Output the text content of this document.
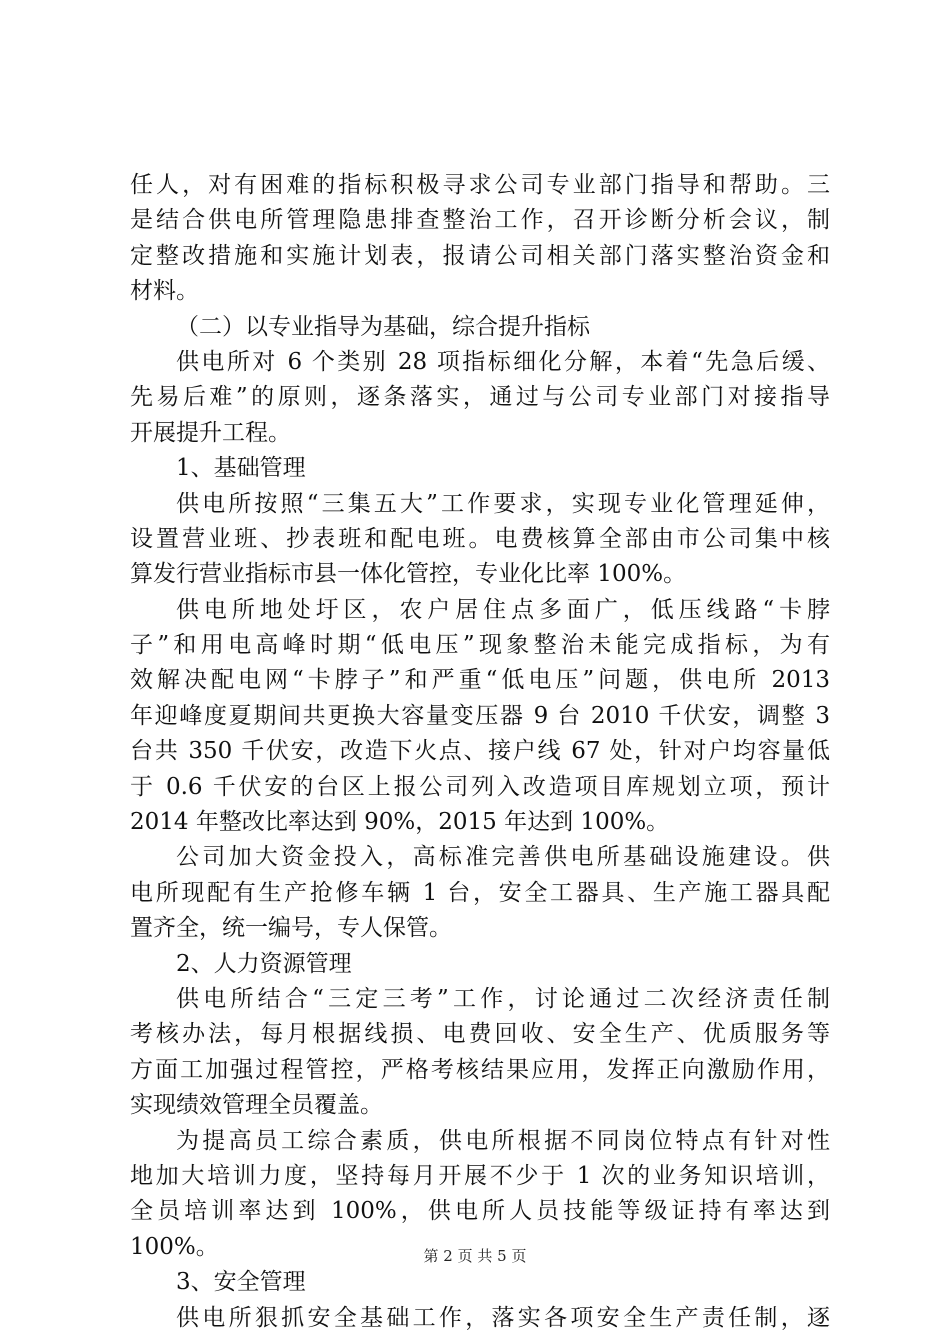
任人，对有困难的指标积极寻求公司专业部门指导和帮助。三
是结合供电所管理隐患排查整治工作，召开诊断分析会议，制
定整改措施和实施计划表，报请公司相关部门落实整治资金和
材料。
（二）以专业指导为基础，综合提升指标
供电所对 6 个类别 28 项指标细化分解，本着“先急后缓、
先易后难”的原则，逐条落实，通过与公司专业部门对接指导
开展提升工程。
1、基础管理
供电所按照“三集五大”工作要求，实现专业化管理延伸，
设置营业班、抄表班和配电班。电费核算全部由市公司集中核
算发行营业指标市县一体化管控，专业化比率 100%。
供电所地处圩区，农户居住点多面广，低压线路“卡脖
子”和用电高峰时期“低电压”现象整治未能完成指标，为有
效解决配电网“卡脖子”和严重“低电压”问题，供电所 2013
年迎峰度夏期间共更换大容量变压器 9 台 2010 千伏安，调整 3
台共 350 千伏安，改造下火点、接户线 67 处，针对户均容量低
于 0.6 千伏安的台区上报公司列入改造项目库规划立项，预计
2014 年整改比率达到 90%，2015 年达到 100%。
公司加大资金投入，高标准完善供电所基础设施建设。供
电所现配有生产抢修车辆 1 台，安全工器具、生产施工器具配
置齐全，统一编号，专人保管。
2、人力资源管理
供电所结合“三定三考”工作，讨论通过二次经济责任制
考核办法，每月根据线损、电费回收、安全生产、优质服务等
方面工加强过程管控，严格考核结果应用，发挥正向激励作用，
实现绩效管理全员覆盖。
为提高员工综合素质，供电所根据不同岗位特点有针对性
地加大培训力度，坚持每月开展不少于 1 次的业务知识培训，
全员培训率达到 100%，供电所人员技能等级证持有率达到
100%。
3、安全管理
供电所狠抓安全基础工作，落实各项安全生产责任制，逐
第 2 页 共 5 页
